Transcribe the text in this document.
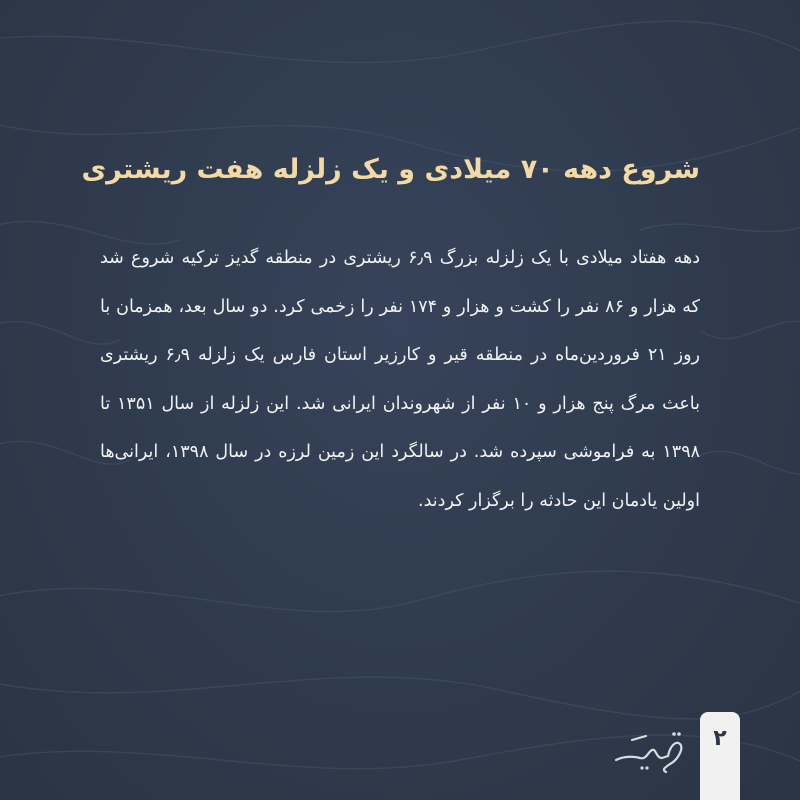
شروع دهه ۷۰ میلادی و یک زلزله هفت ریشتری

دهه هفتاد میلادی با یک زلزله بزرگ ۶٫۹ ریشتری در منطقه گدیز ترکیه شروع شد که هزار و ۸۶ نفر را کشت و هزار و ۱۷۴ نفر را زخمی کرد. دو سال بعد، همزمان با روز ۲۱ فروردین‌ماه در منطقه قیر و کارزیر استان فارس یک زلزله ۶٫۹ ریشتری باعث مرگ پنج هزار و ۱۰ نفر از شهروندان ایرانی شد. این زلزله از سال ۱۳۵۱ تا ۱۳۹۸ به فراموشی سپرده شد. در سالگرد این زمین لرزه در سال ۱۳۹۸، ایرانی‌ها اولین یادمان این حادثه را برگزار کردند.

۲
